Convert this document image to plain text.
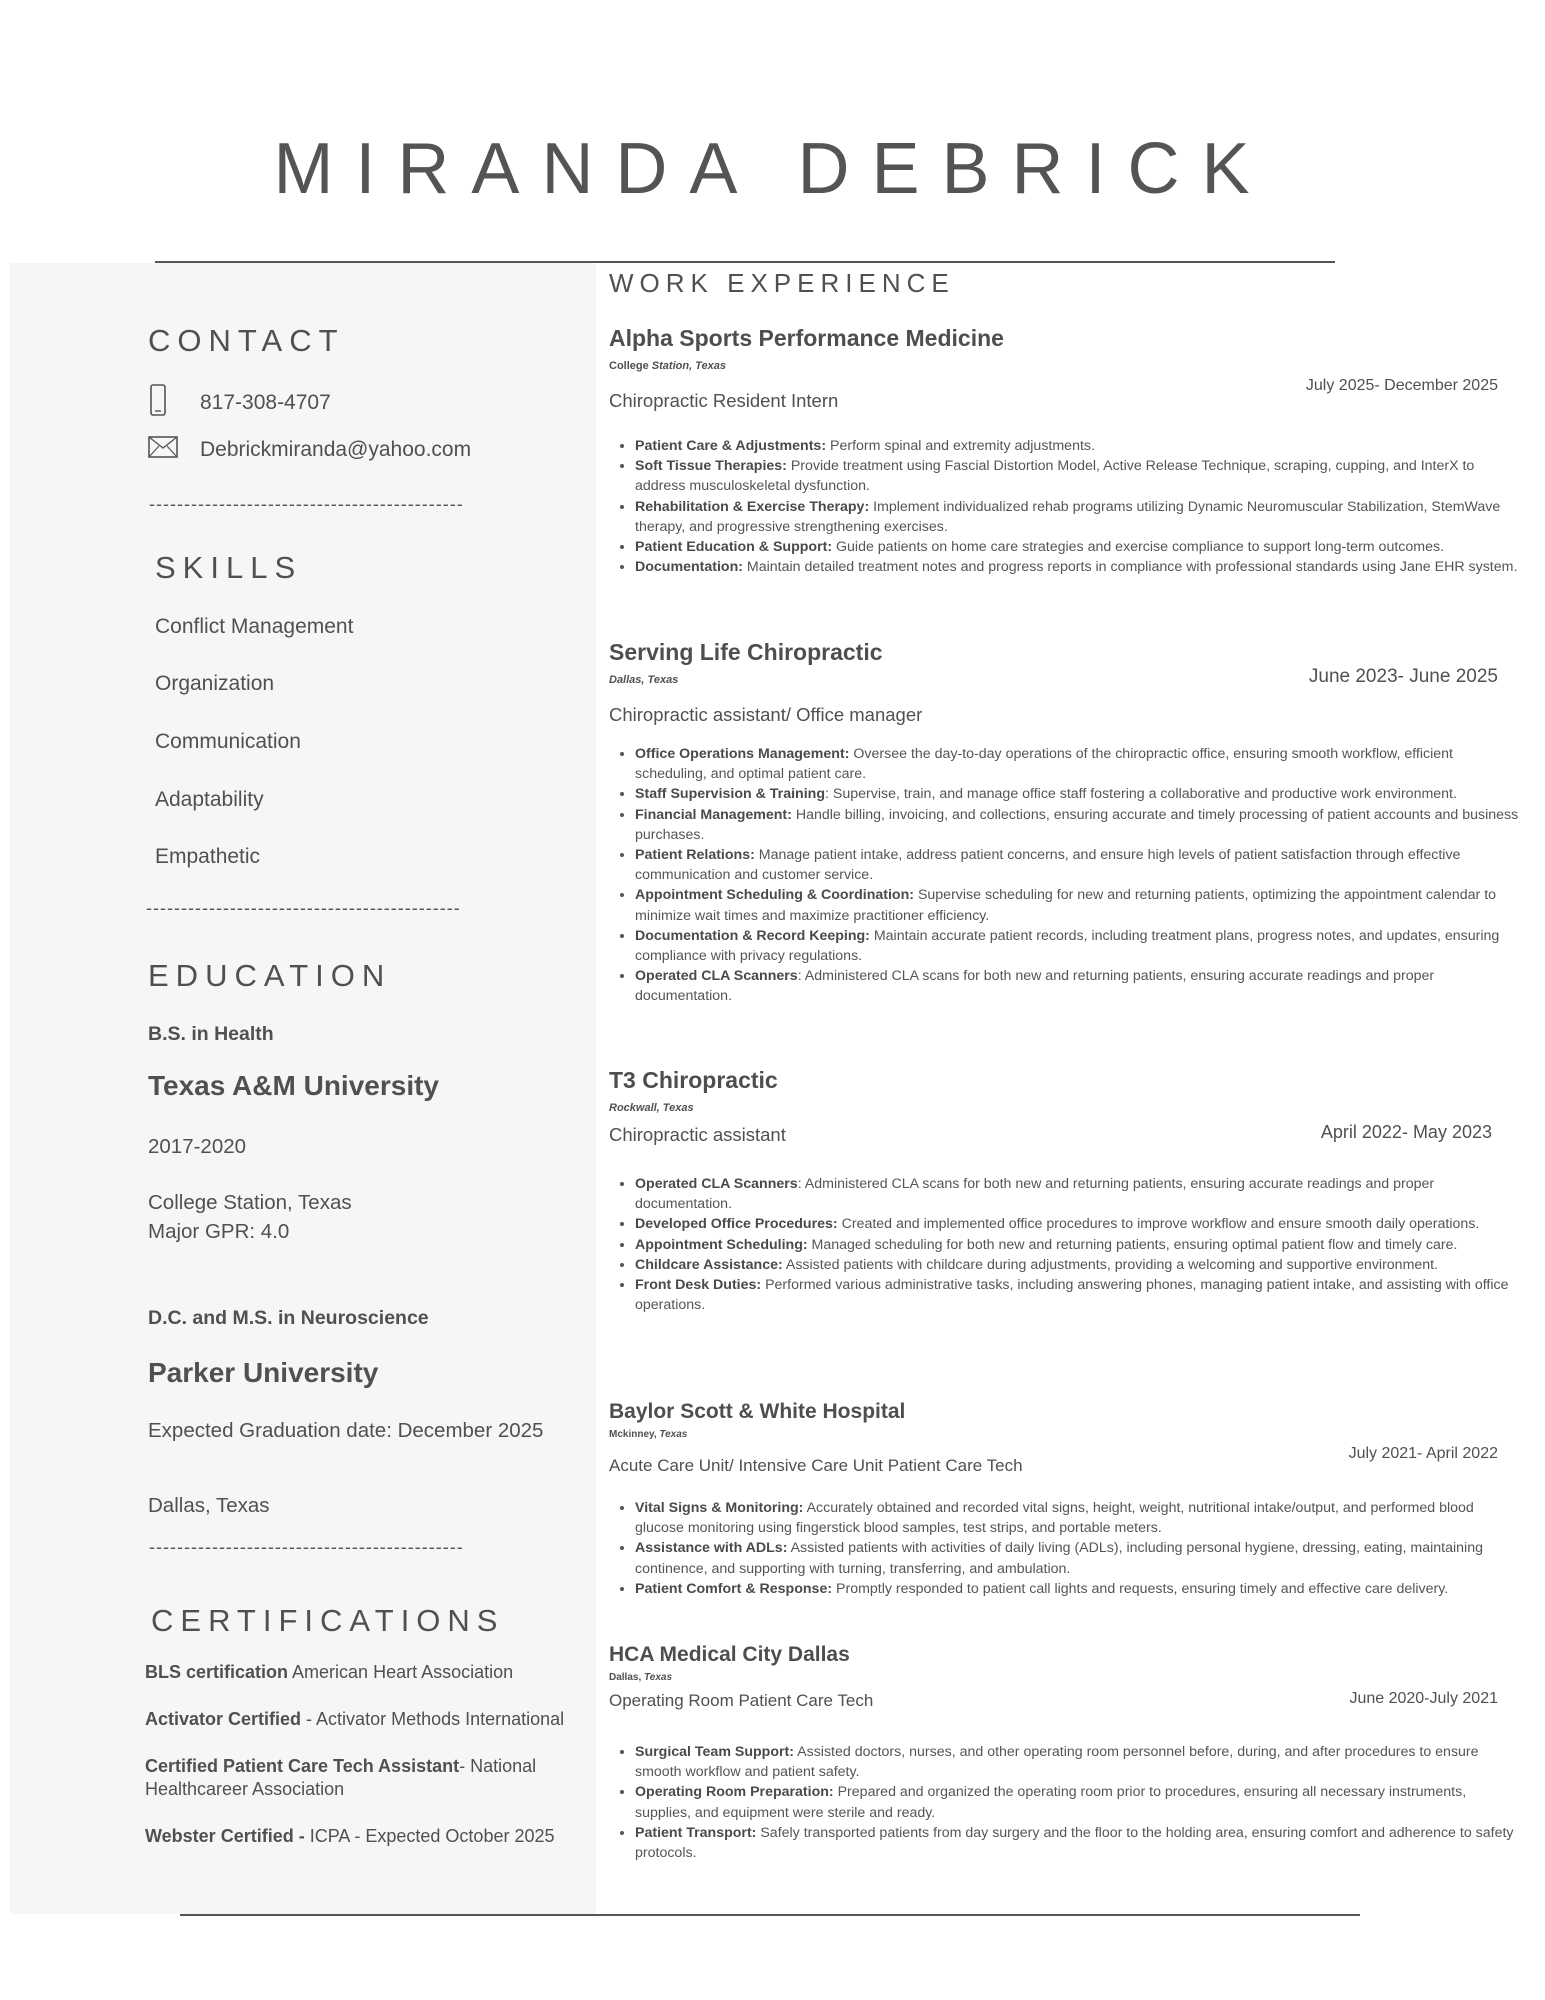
MIRANDA DEBRICK
CONTACT
817-308-4707
Debrickmiranda@yahoo.com
---------------------------------------------
SKILLS
Conflict Management
Organization
Communication
Adaptability
Empathetic
---------------------------------------------
EDUCATION
B.S. in Health
Texas A&M University
2017-2020
College Station, Texas
Major GPR: 4.0
D.C. and M.S. in Neuroscience
Parker University
Expected Graduation date: December 2025
Dallas, Texas
---------------------------------------------
CERTIFICATIONS
BLS certification American Heart Association
Activator Certified - Activator Methods International
Certified Patient Care Tech Assistant- National Healthcareer Association
Webster Certified - ICPA - Expected October 2025
WORK EXPERIENCE
Alpha Sports Performance Medicine
College Station, Texas
July 2025- December 2025
Chiropractic Resident Intern
• Patient Care & Adjustments: Perform spinal and extremity adjustments.
• Soft Tissue Therapies: Provide treatment using Fascial Distortion Model, Active Release Technique, scraping, cupping, and InterX to address musculoskeletal dysfunction.
• Rehabilitation & Exercise Therapy: Implement individualized rehab programs utilizing Dynamic Neuromuscular Stabilization, StemWave therapy, and progressive strengthening exercises.
• Patient Education & Support: Guide patients on home care strategies and exercise compliance to support long-term outcomes.
• Documentation: Maintain detailed treatment notes and progress reports in compliance with professional standards using Jane EHR system.
Serving Life Chiropractic
Dallas, Texas	June 2023- June 2025
Chiropractic assistant/ Office manager
• Office Operations Management: Oversee the day-to-day operations of the chiropractic office, ensuring smooth workflow, efficient scheduling, and optimal patient care.
• Staff Supervision & Training: Supervise, train, and manage office staff fostering a collaborative and productive work environment.
• Financial Management: Handle billing, invoicing, and collections, ensuring accurate and timely processing of patient accounts and business purchases.
• Patient Relations: Manage patient intake, address patient concerns, and ensure high levels of patient satisfaction through effective communication and customer service.
• Appointment Scheduling & Coordination: Supervise scheduling for new and returning patients, optimizing the appointment calendar to minimize wait times and maximize practitioner efficiency.
• Documentation & Record Keeping: Maintain accurate patient records, including treatment plans, progress notes, and updates, ensuring compliance with privacy regulations.
• Operated CLA Scanners: Administered CLA scans for both new and returning patients, ensuring accurate readings and proper documentation.
T3 Chiropractic
Rockwall, Texas
April 2022- May 2023
Chiropractic assistant
• Operated CLA Scanners: Administered CLA scans for both new and returning patients, ensuring accurate readings and proper documentation.
• Developed Office Procedures: Created and implemented office procedures to improve workflow and ensure smooth daily operations.
• Appointment Scheduling: Managed scheduling for both new and returning patients, ensuring optimal patient flow and timely care.
• Childcare Assistance: Assisted patients with childcare during adjustments, providing a welcoming and supportive environment.
• Front Desk Duties: Performed various administrative tasks, including answering phones, managing patient intake, and assisting with office operations.
Baylor Scott & White Hospital
Mckinney, Texas
July 2021- April 2022
Acute Care Unit/ Intensive Care Unit Patient Care Tech
• Vital Signs & Monitoring: Accurately obtained and recorded vital signs, height, weight, nutritional intake/output, and performed blood glucose monitoring using fingerstick blood samples, test strips, and portable meters.
• Assistance with ADLs: Assisted patients with activities of daily living (ADLs), including personal hygiene, dressing, eating, maintaining continence, and supporting with turning, transferring, and ambulation.
• Patient Comfort & Response: Promptly responded to patient call lights and requests, ensuring timely and effective care delivery.
HCA Medical City Dallas
Dallas, Texas
June 2020-July 2021
Operating Room Patient Care Tech
• Surgical Team Support: Assisted doctors, nurses, and other operating room personnel before, during, and after procedures to ensure smooth workflow and patient safety.
• Operating Room Preparation: Prepared and organized the operating room prior to procedures, ensuring all necessary instruments, supplies, and equipment were sterile and ready.
• Patient Transport: Safely transported patients from day surgery and the floor to the holding area, ensuring comfort and adherence to safety protocols.
